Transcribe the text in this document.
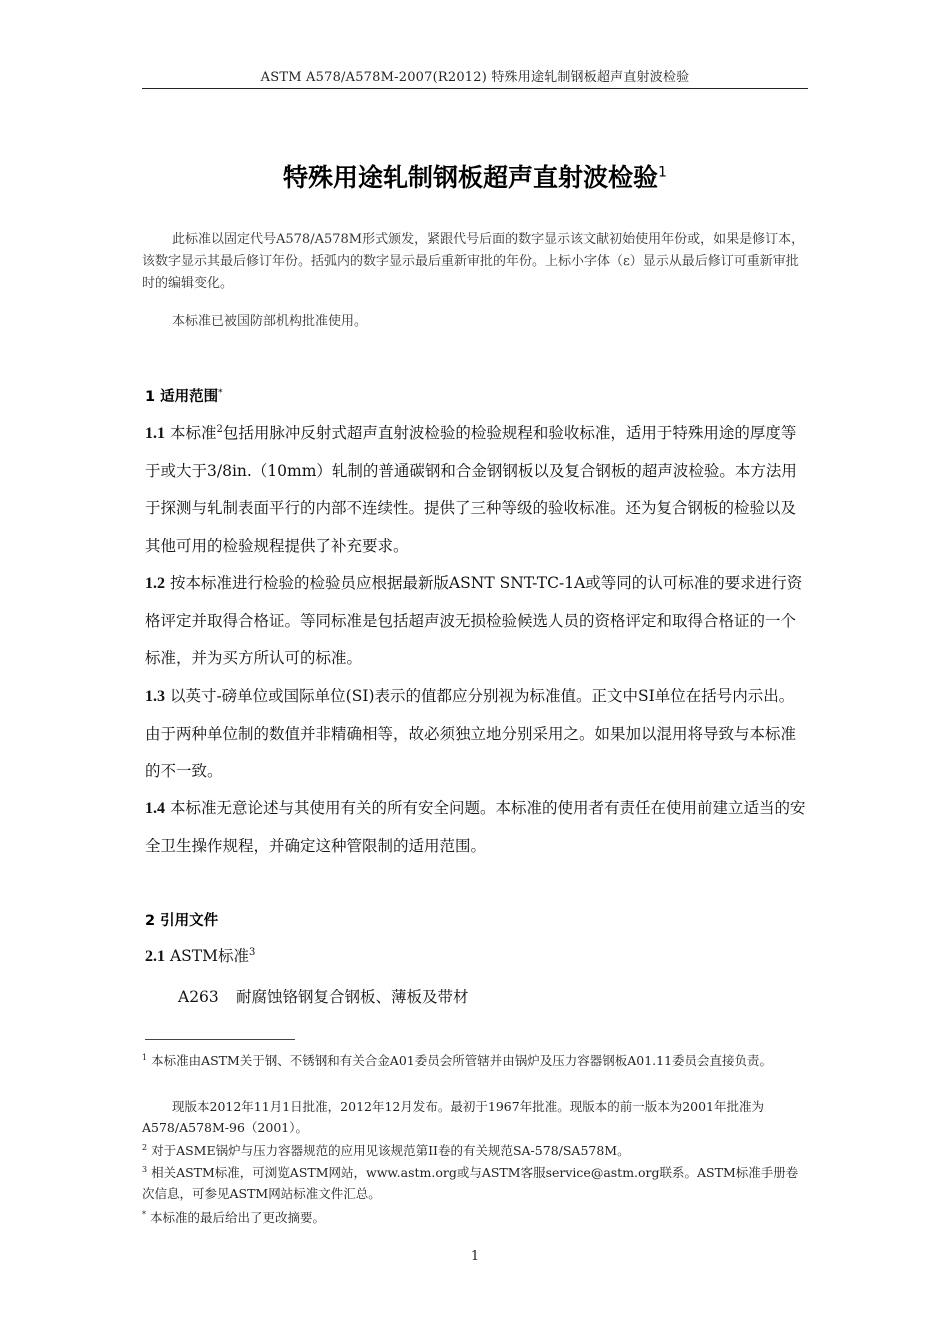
ASTM A578/A578M-2007(R2012) 特殊用途轧制钢板超声直射波检验
特殊用途轧制钢板超声直射波检验$^1$

此标准以固定代号A578/A578M形式颁发，紧跟代号后面的数字显示该文献初始使用年份或，如果是修订本，该数字显示其最后修订年份。括弧内的数字显示最后重新审批的年份。上标小字体（ε）显示从最后修订可重新审批时的编辑变化。

本标准已被国防部机构批准使用。

1 适用范围*

1.1 本标准$^2$包括用脉冲反射式超声直射波检验的检验规程和验收标准，适用于特殊用途的厚度等于或大于3/8in.（10mm）轧制的普通碳钢和合金钢钢板以及复合钢板的超声波检验。本方法用于探测与轧制表面平行的内部不连续性。提供了三种等级的验收标准。还为复合钢板的检验以及其他可用的检验规程提供了补充要求。

1.2 按本标准进行检验的检验员应根据最新版ASNT SNT-TC-1A或等同的认可标准的要求进行资格评定并取得合格证。等同标准是包括超声波无损检验候选人员的资格评定和取得合格证的一个标准，并为买方所认可的标准。

1.3 以英寸-磅单位或国际单位(SI)表示的值都应分别视为标准值。正文中SI单位在括号内示出。由于两种单位制的数值并非精确相等，故必须独立地分别采用之。如果加以混用将导致与本标准的不一致。

1.4 本标准无意论述与其使用有关的所有安全问题。本标准的使用者有责任在使用前建立适当的安全卫生操作规程，并确定这种管限制的适用范围。

2 引用文件

2.1 ASTM标准$^3$

A263 耐腐蚀铬钢复合钢板、薄板及带材

$^1$ 本标准由ASTM关于钢、不锈钢和有关合金A01委员会所管辖并由锅炉及压力容器钢板A01.11委员会直接负责。

现版本2012年11月1日批准，2012年12月发布。最初于1967年批准。现版本的前一版本为2001年批准为A578/A578M-96（2001）。

$^2$ 对于ASME锅炉与压力容器规范的应用见该规范第II卷的有关规范SA-578/SA578M。

$^3$ 相关ASTM标准，可浏览ASTM网站，www.astm.org或与ASTM客服service@astm.org联系。ASTM标准手册卷次信息，可参见ASTM网站标准文件汇总。

* 本标准的最后给出了更改摘要。

1
